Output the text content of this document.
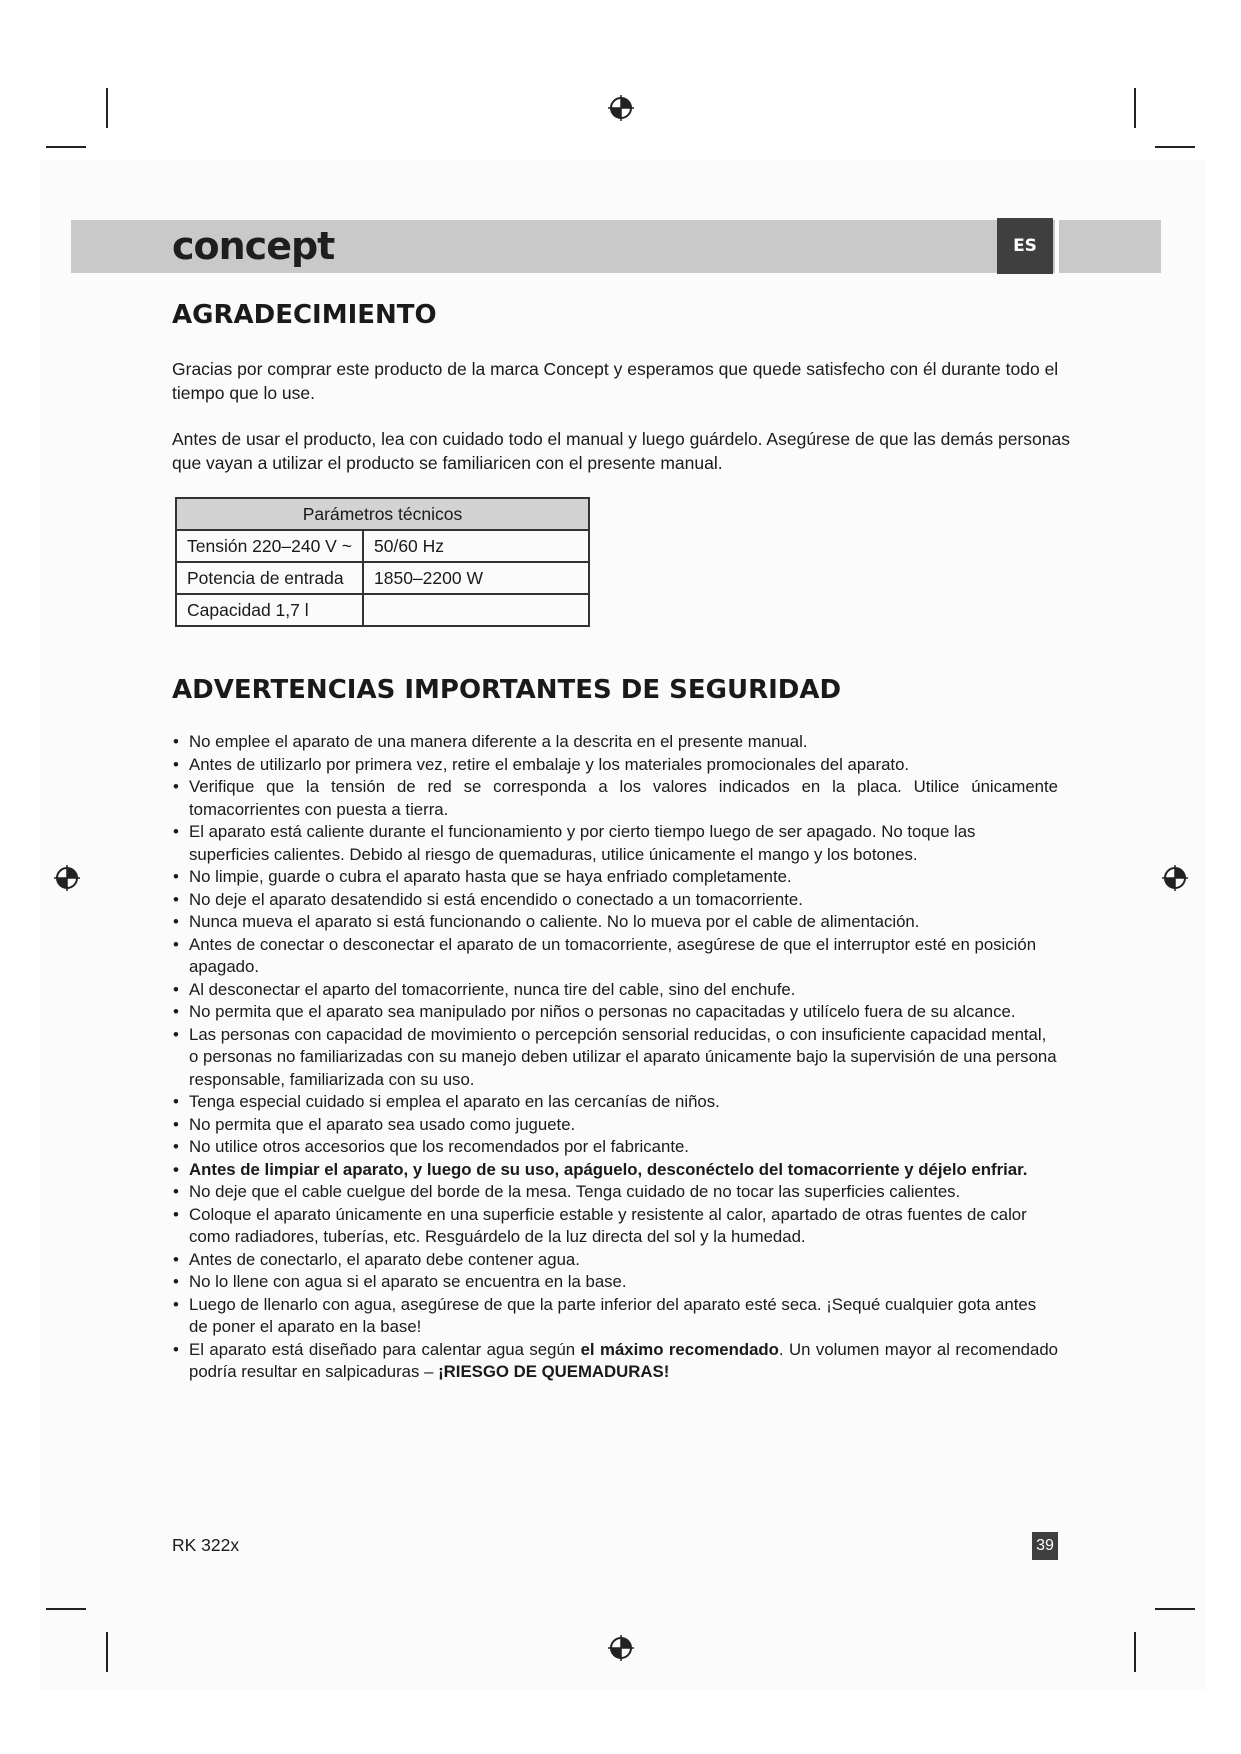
concept	ES
AGRADECIMIENTO

Gracias por comprar este producto de la marca Concept y esperamos que quede satisfecho con él durante todo el tiempo que lo use.

Antes de usar el producto, lea con cuidado todo el manual y luego guárdelo. Asegúrese de que las demás personas que vayan a utilizar el producto se familiaricen con el presente manual.

Parámetros técnicos	
Tensión 220–240 V ~	50/60 Hz
Potencia de entrada	1850–2200 W
Capacidad 1,7 l	
ADVERTENCIAS IMPORTANTES DE SEGURIDAD
• No emplee el aparato de una manera diferente a la descrita en el presente manual.
• Antes de utilizarlo por primera vez, retire el embalaje y los materiales promocionales del aparato.
• Verifique que la tensión de red se corresponda a los valores indicados en la placa. Utilice únicamente tomacorrientes con puesta a tierra.
• El aparato está caliente durante el funcionamiento y por cierto tiempo luego de ser apagado. No toque las superficies calientes. Debido al riesgo de quemaduras, utilice únicamente el mango y los botones.
• No limpie, guarde o cubra el aparato hasta que se haya enfriado completamente.
• No deje el aparato desatendido si está encendido o conectado a un tomacorriente.
• Nunca mueva el aparato si está funcionando o caliente. No lo mueva por el cable de alimentación.
• Antes de conectar o desconectar el aparato de un tomacorriente, asegúrese de que el interruptor esté en posición apagado.
• Al desconectar el aparto del tomacorriente, nunca tire del cable, sino del enchufe.
• No permita que el aparato sea manipulado por niños o personas no capacitadas y utilícelo fuera de su alcance.
• Las personas con capacidad de movimiento o percepción sensorial reducidas, o con insuficiente capacidad mental, o personas no familiarizadas con su manejo deben utilizar el aparato únicamente bajo la supervisión de una persona responsable, familiarizada con su uso.
• Tenga especial cuidado si emplea el aparato en las cercanías de niños.
• No permita que el aparato sea usado como juguete.
• No utilice otros accesorios que los recomendados por el fabricante.
• Antes de limpiar el aparato, y luego de su uso, apáguelo, desconéctelo del tomacorriente y déjelo enfriar.
• No deje que el cable cuelgue del borde de la mesa. Tenga cuidado de no tocar las superficies calientes.
• Coloque el aparato únicamente en una superficie estable y resistente al calor, apartado de otras fuentes de calor como radiadores, tuberías, etc. Resguárdelo de la luz directa del sol y la humedad.
• Antes de conectarlo, el aparato debe contener agua.
• No lo llene con agua si el aparato se encuentra en la base.
• Luego de llenarlo con agua, asegúrese de que la parte inferior del aparato esté seca. ¡Sequé cualquier gota antes de poner el aparato en la base!
• El aparato está diseñado para calentar agua según el máximo recomendado. Un volumen mayor al recomendado podría resultar en salpicaduras – ¡RIESGO DE QUEMADURAS!
RK 322x	39
